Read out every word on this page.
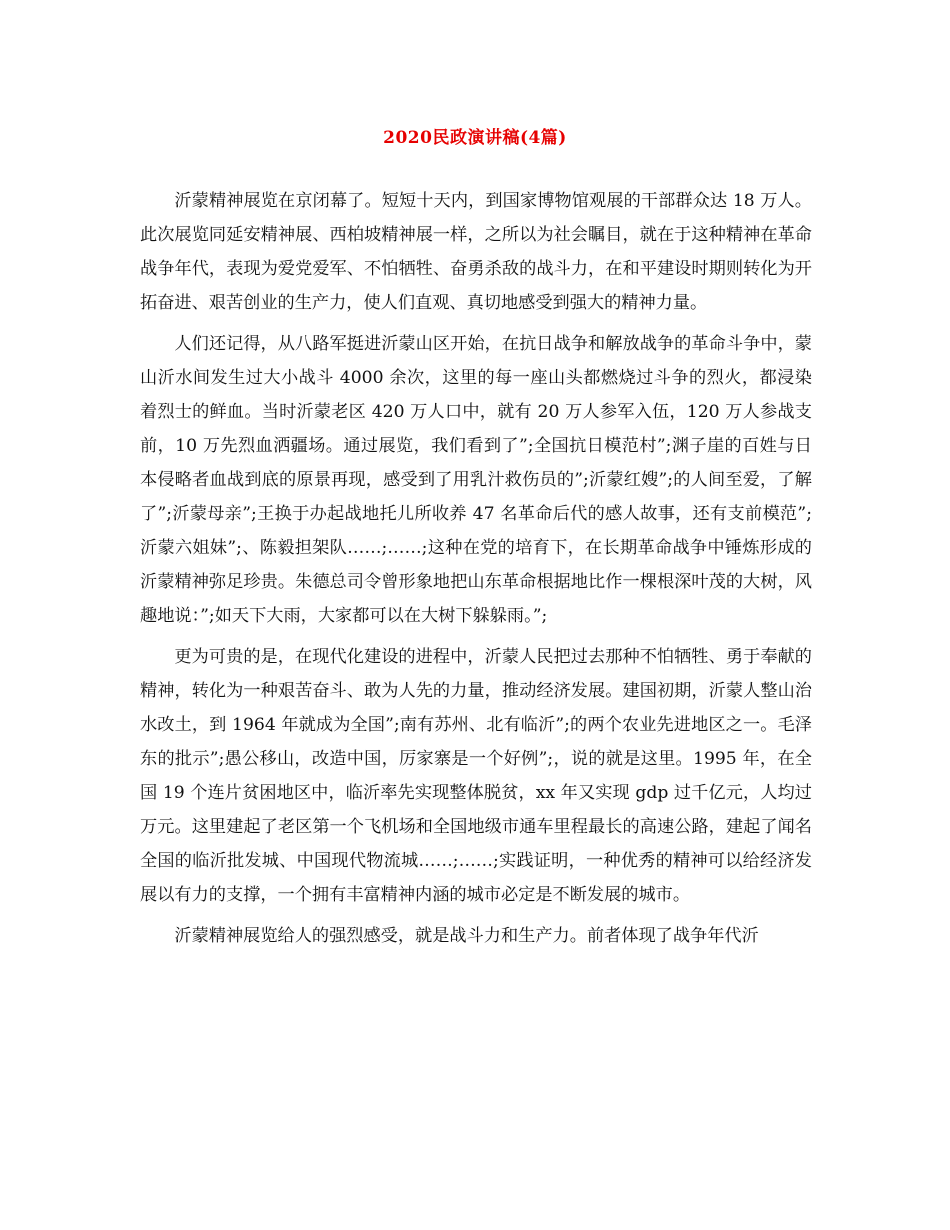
2020民政演讲稿(4篇)

沂蒙精神展览在京闭幕了。短短十天内，到国家博物馆观展的干部群众达 18 万人。此次展览同延安精神展、西柏坡精神展一样，之所以为社会瞩目，就在于这种精神在革命战争年代，表现为爱党爱军、不怕牺牲、奋勇杀敌的战斗力，在和平建设时期则转化为开拓奋进、艰苦创业的生产力，使人们直观、真切地感受到强大的精神力量。

人们还记得，从八路军挺进沂蒙山区开始，在抗日战争和解放战争的革命斗争中，蒙山沂水间发生过大小战斗 4000 余次，这里的每一座山头都燃烧过斗争的烈火，都浸染着烈士的鲜血。当时沂蒙老区 420 万人口中，就有 20 万人参军入伍，120 万人参战支前，10 万先烈血洒疆场。通过展览，我们看到了”;全国抗日模范村”;渊子崖的百姓与日本侵略者血战到底的原景再现，感受到了用乳汁救伤员的”;沂蒙红嫂”;的人间至爱，了解了”;沂蒙母亲”;王换于办起战地托儿所收养 47 名革命后代的感人故事，还有支前模范”;沂蒙六姐妹”;、陈毅担架队……;……;这种在党的培育下，在长期革命战争中锤炼形成的沂蒙精神弥足珍贵。朱德总司令曾形象地把山东革命根据地比作一棵根深叶茂的大树，风趣地说：”;如天下大雨，大家都可以在大树下躲躲雨。”;

更为可贵的是，在现代化建设的进程中，沂蒙人民把过去那种不怕牺牲、勇于奉献的精神，转化为一种艰苦奋斗、敢为人先的力量，推动经济发展。建国初期，沂蒙人整山治水改土，到 1964 年就成为全国”;南有苏州、北有临沂”;的两个农业先进地区之一。毛泽东的批示”;愚公移山，改造中国，厉家寨是一个好例”;，说的就是这里。1995 年，在全国 19 个连片贫困地区中，临沂率先实现整体脱贫，xx 年又实现 gdp 过千亿元，人均过万元。这里建起了老区第一个飞机场和全国地级市通车里程最长的高速公路，建起了闻名全国的临沂批发城、中国现代物流城……;……;实践证明，一种优秀的精神可以给经济发展以有力的支撑，一个拥有丰富精神内涵的城市必定是不断发展的城市。

沂蒙精神展览给人的强烈感受，就是战斗力和生产力。前者体现了战争年代沂
